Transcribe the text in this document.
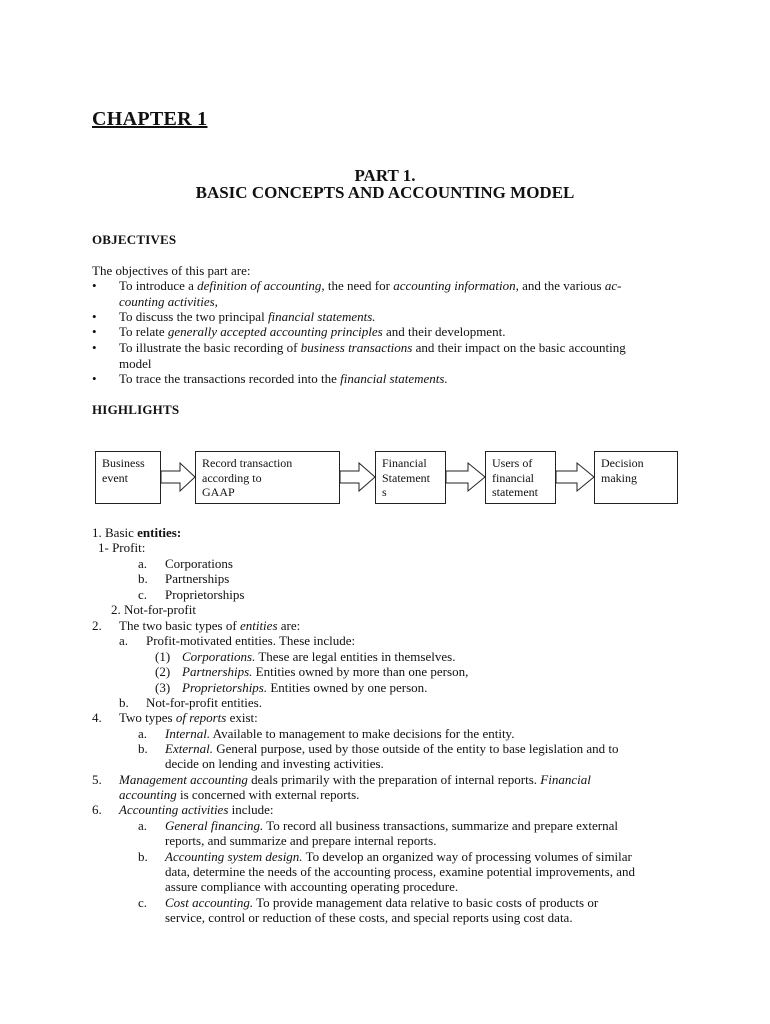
CHAPTER 1
PART 1.
BASIC CONCEPTS AND ACCOUNTING MODEL
OBJECTIVES
The objectives of this part are:
• To introduce a definition of accounting, the need for accounting information, and the various ac-
counting activities,
• To discuss the two principal financial statements.
• To relate generally accepted accounting principles and their development.
• To illustrate the basic recording of business transactions and their impact on the basic accounting
model
• To trace the transactions recorded into the financial statements.
HIGHLIGHTS
Business
event
Record transaction
according to
GAAP
Financial
Statement
s
Users of
financial
statement
Decision
making
1. Basic entities:
1- Profit:
a. Corporations
b. Partnerships
c. Proprietorships
2. Not-for-profit
2. The two basic types of entities are:
a. Profit-motivated entities. These include:
(1) Corporations. These are legal entities in themselves.
(2) Partnerships. Entities owned by more than one person,
(3) Proprietorships. Entities owned by one person.
b. Not-for-profit entities.
4. Two types of reports exist:
a. Internal. Available to management to make decisions for the entity.
b. External. General purpose, used by those outside of the entity to base legislation and to
decide on lending and investing activities.
5. Management accounting deals primarily with the preparation of internal reports. Financial
accounting is concerned with external reports.
6. Accounting activities include:
a. General financing. To record all business transactions, summarize and prepare external
reports, and summarize and prepare internal reports.
b. Accounting system design. To develop an organized way of processing volumes of similar
data, determine the needs of the accounting process, examine potential improvements, and
assure compliance with accounting operating procedure.
c. Cost accounting. To provide management data relative to basic costs of products or
service, control or reduction of these costs, and special reports using cost data.
